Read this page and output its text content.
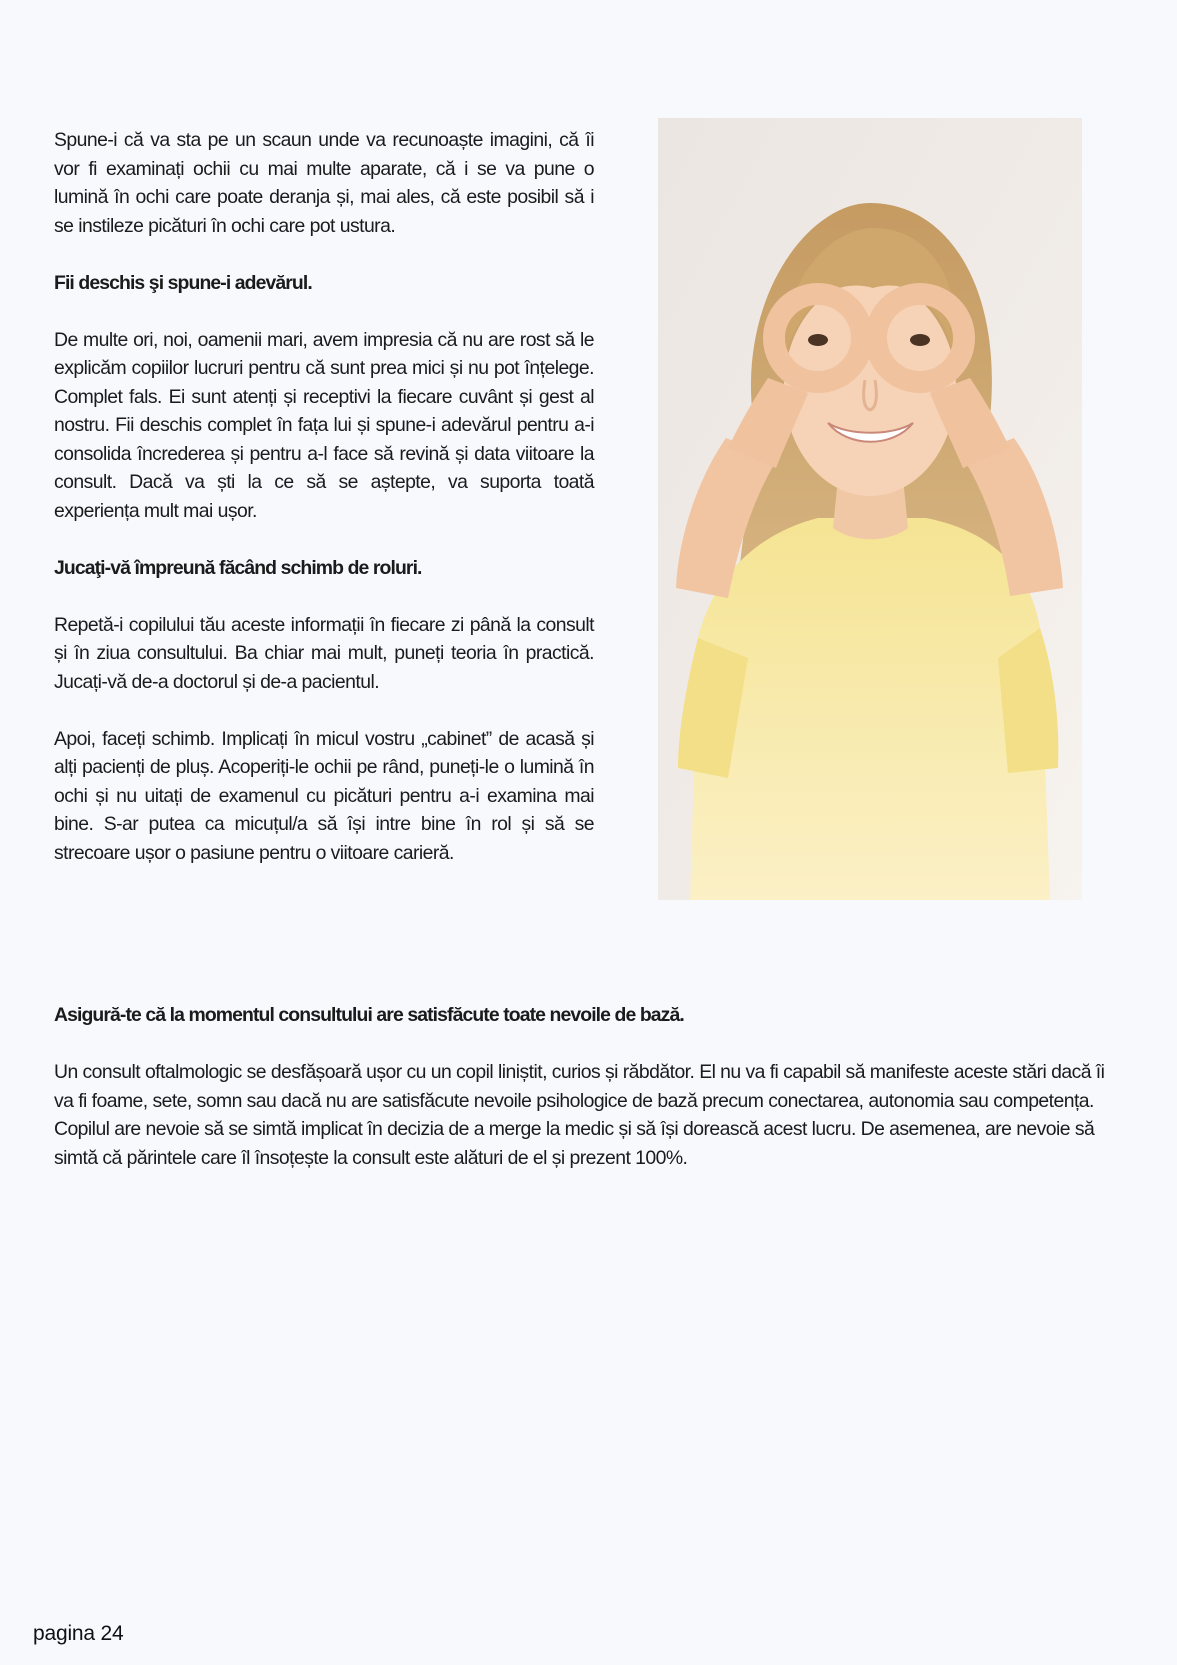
Spune-i că va sta pe un scaun unde va recunoaște imagini, că îi vor fi examinați ochii cu mai multe aparate, că i se va pune o lumină în ochi care poate deranja și, mai ales, că este posibil să i se instileze picături în ochi care pot ustura.

Fii deschis şi spune-i adevărul.

De multe ori, noi, oamenii mari, avem impresia că nu are rost să le explicăm copiilor lucruri pentru că sunt prea mici și nu pot înțelege. Complet fals. Ei sunt atenți și receptivi la fiecare cuvânt și gest al nostru. Fii deschis complet în fața lui și spune-i adevărul pentru a-i consolida încrederea și pentru a-l face să revină și data viitoare la consult. Dacă va ști la ce să se aștepte, va suporta toată experiența mult mai ușor.

Jucaţi-vă împreună făcând schimb de roluri.

Repetă-i copilului tău aceste informații în fiecare zi până la consult și în ziua consultului. Ba chiar mai mult, puneți teoria în practică. Jucați-vă de-a doctorul și de-a pacientul.

Apoi, faceți schimb. Implicați în micul vostru „cabinet” de acasă și alți pacienți de pluș. Acoperiți-le ochii pe rând, puneți-le o lumină în ochi și nu uitați de examenul cu picături pentru a-i examina mai bine. S-ar putea ca micuțul/a să își intre bine în rol și să se strecoare ușor o pasiune pentru o viitoare carieră.

Asigură-te că la momentul consultului are satisfăcute toate nevoile de bază.

Un consult oftalmologic se desfășoară ușor cu un copil liniștit, curios și răbdător. El nu va fi capabil să manifeste aceste stări dacă îi va fi foame, sete, somn sau dacă nu are satisfăcute nevoile psihologice de bază precum conectarea, autonomia sau competența. Copilul are nevoie să se simtă implicat în decizia de a merge la medic și să își dorească acest lucru. De asemenea, are nevoie să simtă că părintele care îl însoțește la consult este alături de el și prezent 100%.

pagina 24
